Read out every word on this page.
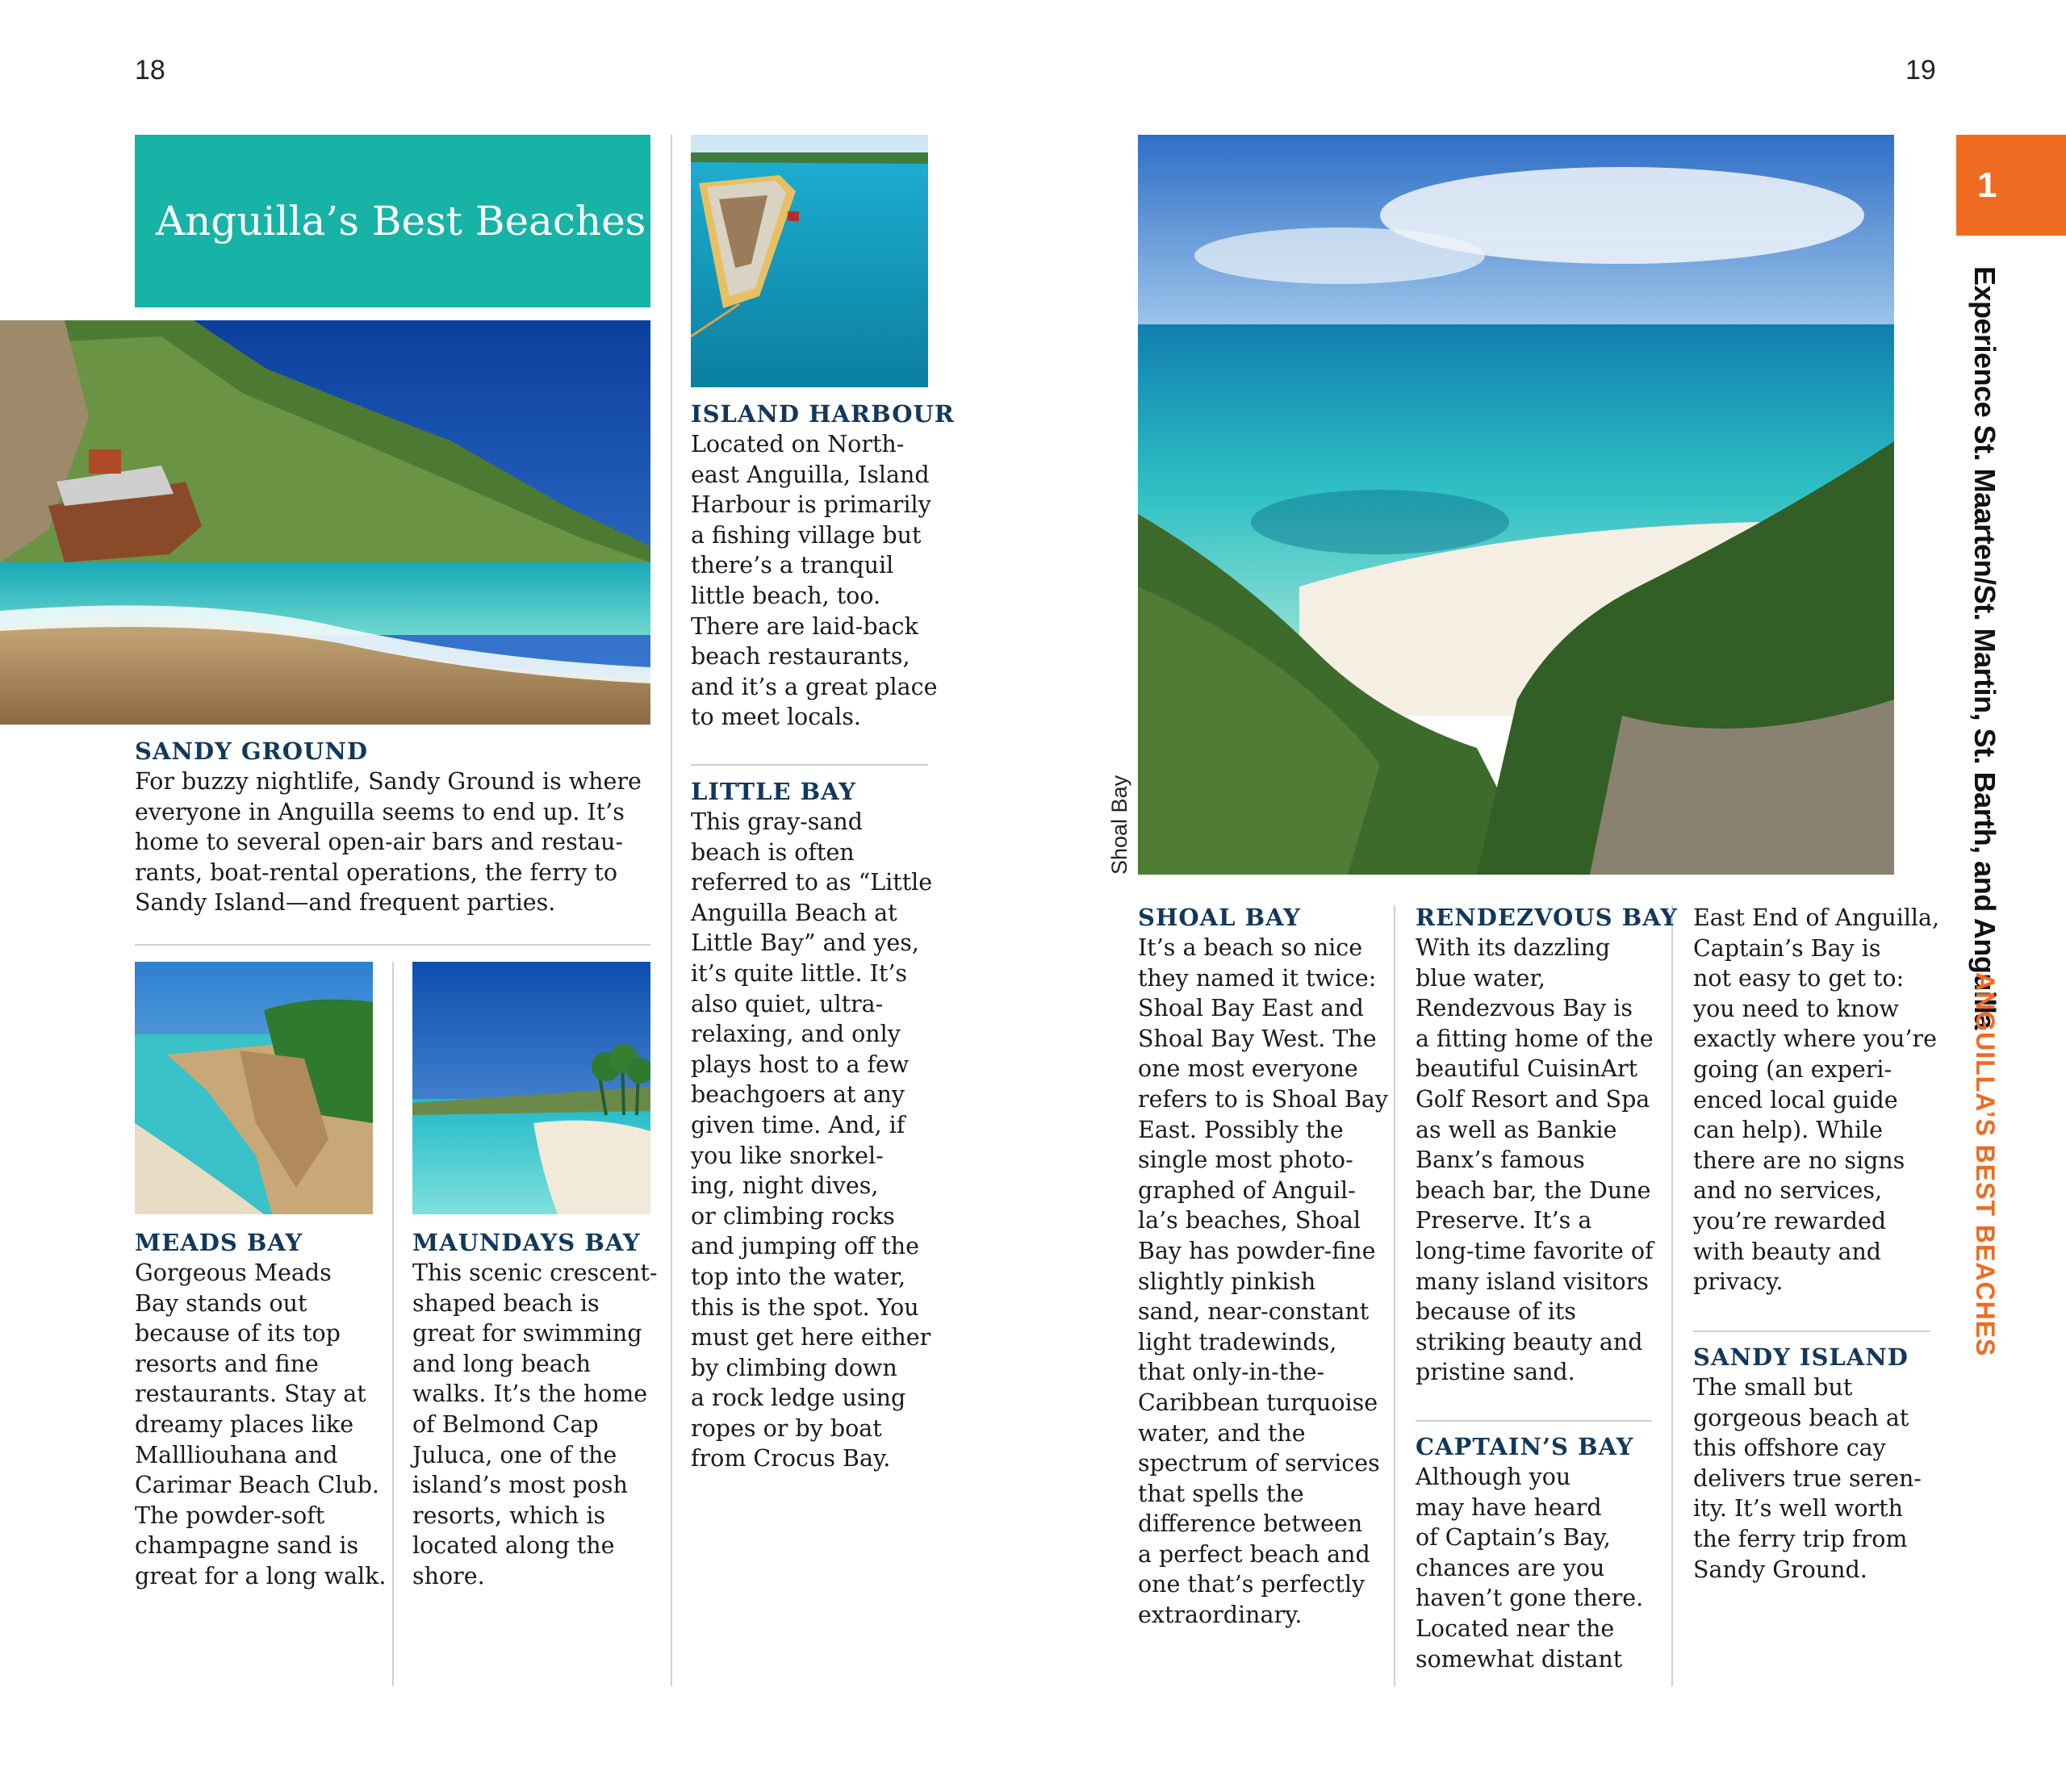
18	19
Anguilla’s Best Beaches
Shoal Bay
SANDY GROUND
For buzzy nightlife, Sandy Ground is where
everyone in Anguilla seems to end up. It’s
home to several open-air bars and restau-
rants, boat-rental operations, the ferry to
Sandy Island—and frequent parties.
MEADS BAY
Gorgeous Meads
Bay stands out
because of its top
resorts and fine
restaurants. Stay at
dreamy places like
Mallliouhana and
Carimar Beach Club.
The powder-soft
champagne sand is
great for a long walk.
MAUNDAYS BAY
This scenic crescent-
shaped beach is
great for swimming
and long beach
walks. It’s the home
of Belmond Cap
Juluca, one of the
island’s most posh
resorts, which is
located along the
shore.
ISLAND HARBOUR
Located on North-
east Anguilla, Island
Harbour is primarily
a fishing village but
there’s a tranquil
little beach, too.
There are laid-back
beach restaurants,
and it’s a great place
to meet locals.
LITTLE BAY
This gray-sand
beach is often
referred to as “Little
Anguilla Beach at
Little Bay” and yes,
it’s quite little. It’s
also quiet, ultra-
relaxing, and only
plays host to a few
beachgoers at any
given time. And, if
you like snorkel-
ing, night dives,
or climbing rocks
and jumping off the
top into the water,
this is the spot. You
must get here either
by climbing down
a rock ledge using
ropes or by boat
from Crocus Bay.
SHOAL BAY
It’s a beach so nice
they named it twice:
Shoal Bay East and
Shoal Bay West. The
one most everyone
refers to is Shoal Bay
East. Possibly the
single most photo-
graphed of Anguil-
la’s beaches, Shoal
Bay has powder-fine
slightly pinkish
sand, near-constant
light tradewinds,
that only-in-the-
Caribbean turquoise
water, and the
spectrum of services
that spells the
difference between
a perfect beach and
one that’s perfectly
extraordinary.
RENDEZVOUS BAY
With its dazzling
blue water,
Rendezvous Bay is
a fitting home of the
beautiful CuisinArt
Golf Resort and Spa
as well as Bankie
Banx’s famous
beach bar, the Dune
Preserve. It’s a
long-time favorite of
many island visitors
because of its
striking beauty and
pristine sand.
CAPTAIN’S BAY
Although you
may have heard
of Captain’s Bay,
chances are you
haven’t gone there.
Located near the
somewhat distant
East End of Anguilla,
Captain’s Bay is
not easy to get to:
you need to know
exactly where you’re
going (an experi-
enced local guide
can help). While
there are no signs
and no services,
you’re rewarded
with beauty and
privacy.
SANDY ISLAND
The small but
gorgeous beach at
this offshore cay
delivers true seren-
ity. It’s well worth
the ferry trip from
Sandy Ground.
1
Experience St. Maarten/St. Martin, St. Barth, and Anguilla
ANGUILLA’S BEST BEACHES
